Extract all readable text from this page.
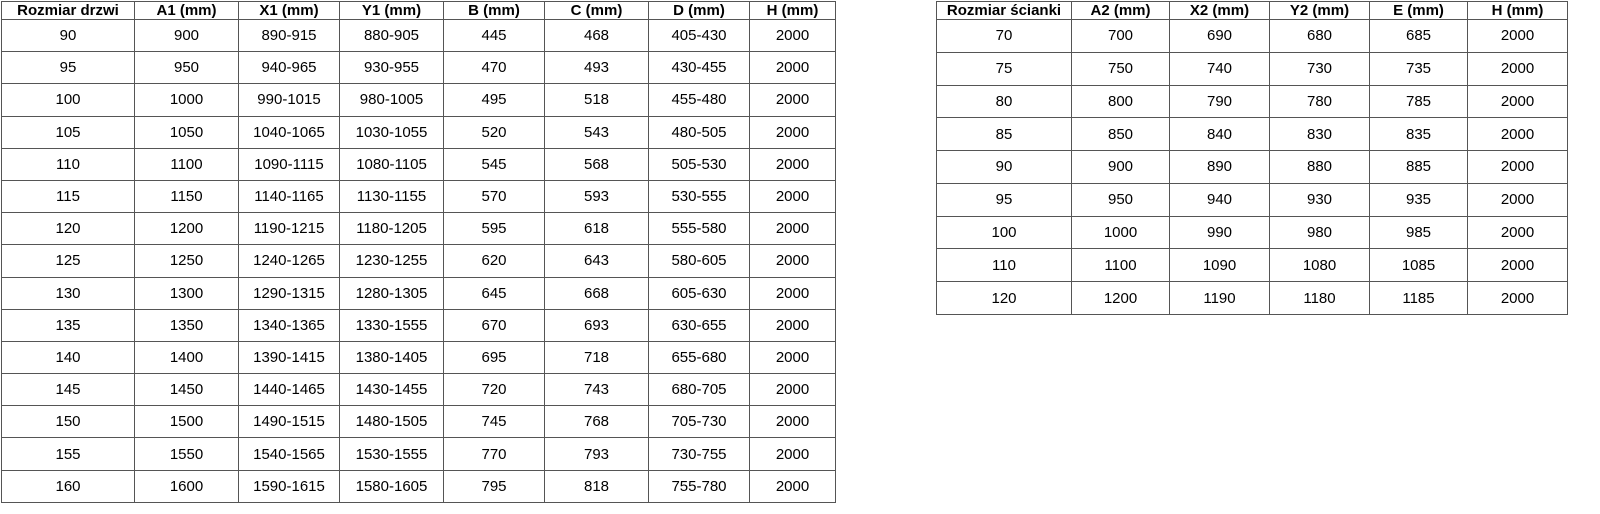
Rozmiar drzwi	A1 (mm)	X1 (mm)	Y1 (mm)	B (mm)	C (mm)	D (mm)	H (mm)
90	900	890-915	880-905	445	468	405-430	2000
95	950	940-965	930-955	470	493	430-455	2000
100	1000	990-1015	980-1005	495	518	455-480	2000
105	1050	1040-1065	1030-1055	520	543	480-505	2000
110	1100	1090-1115	1080-1105	545	568	505-530	2000
115	1150	1140-1165	1130-1155	570	593	530-555	2000
120	1200	1190-1215	1180-1205	595	618	555-580	2000
125	1250	1240-1265	1230-1255	620	643	580-605	2000
130	1300	1290-1315	1280-1305	645	668	605-630	2000
135	1350	1340-1365	1330-1555	670	693	630-655	2000
140	1400	1390-1415	1380-1405	695	718	655-680	2000
145	1450	1440-1465	1430-1455	720	743	680-705	2000
150	1500	1490-1515	1480-1505	745	768	705-730	2000
155	1550	1540-1565	1530-1555	770	793	730-755	2000
160	1600	1590-1615	1580-1605	795	818	755-780	2000
Rozmiar ścianki	A2 (mm)	X2 (mm)	Y2 (mm)	E (mm)	H (mm)
70	700	690	680	685	2000
75	750	740	730	735	2000
80	800	790	780	785	2000
85	850	840	830	835	2000
90	900	890	880	885	2000
95	950	940	930	935	2000
100	1000	990	980	985	2000
110	1100	1090	1080	1085	2000
120	1200	1190	1180	1185	2000
